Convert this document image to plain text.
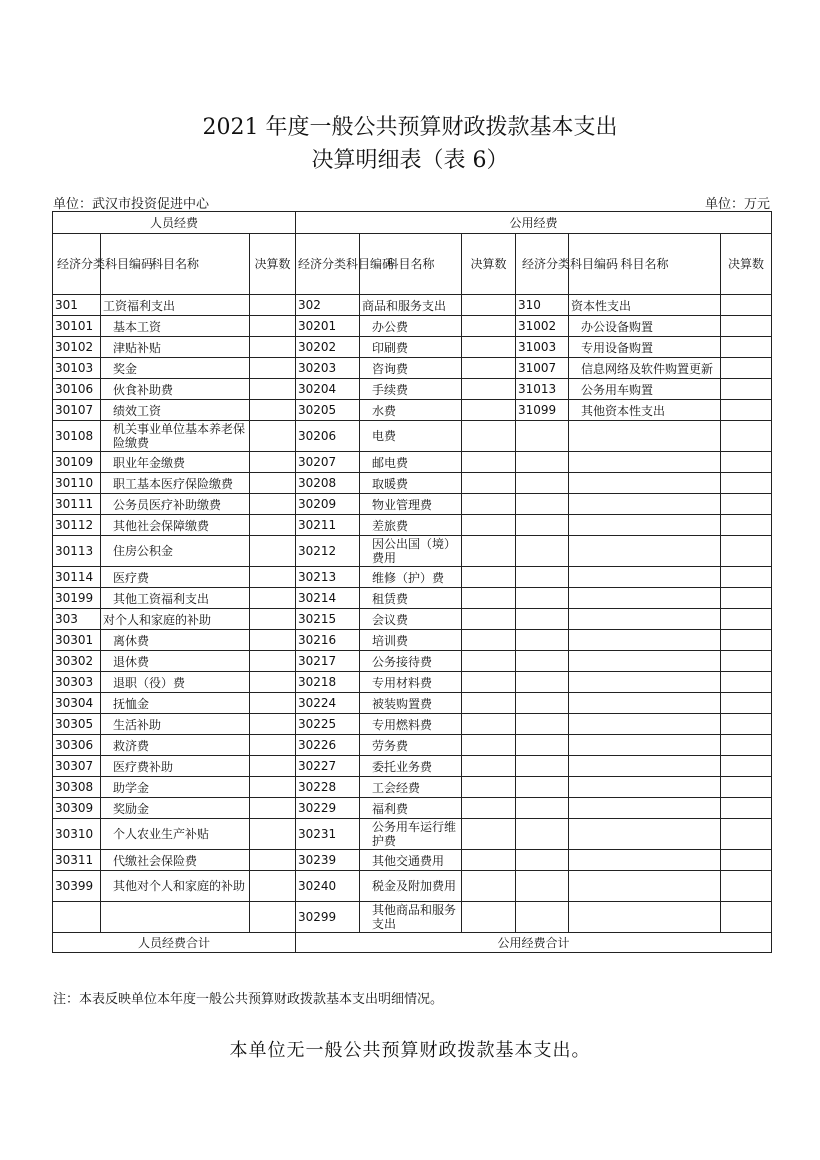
2021 年度一般公共预算财政拨款基本支出
决算明细表（表 6）
单位：武汉市投资促进中心	单位：万元
人员经费			公用经费					
经济分类科目编码	科目名称	决算数	经济分类科目编码	科目名称	决算数	经济分类科目编码	科目名称	决算数
301	工资福利支出		302	商品和服务支出		310	资本性支出	
30101	基本工资		30201	办公费		31002	办公设备购置	
30102	津贴补贴		30202	印刷费		31003	专用设备购置	
30103	奖金		30203	咨询费		31007	信息网络及软件购置更新	
30106	伙食补助费		30204	手续费		31013	公务用车购置	
30107	绩效工资		30205	水费		31099	其他资本性支出	
30108	机关事业单位基本养老保险缴费		30206	电费				
30109	职业年金缴费		30207	邮电费				
30110	职工基本医疗保险缴费		30208	取暖费				
30111	公务员医疗补助缴费		30209	物业管理费				
30112	其他社会保障缴费		30211	差旅费				
30113	住房公积金		30212	因公出国（境）费用				
30114	医疗费		30213	维修（护）费				
30199	其他工资福利支出		30214	租赁费				
303	对个人和家庭的补助		30215	会议费				
30301	离休费		30216	培训费				
30302	退休费		30217	公务接待费				
30303	退职（役）费		30218	专用材料费				
30304	抚恤金		30224	被装购置费				
30305	生活补助		30225	专用燃料费				
30306	救济费		30226	劳务费				
30307	医疗费补助		30227	委托业务费				
30308	助学金		30228	工会经费				
30309	奖励金		30229	福利费				
30310	个人农业生产补贴		30231	公务用车运行维护费				
30311	代缴社会保险费		30239	其他交通费用				
30399	其他对个人和家庭的补助		30240	税金及附加费用				
			30299	其他商品和服务支出				
人员经费合计			公用经费合计					
注：本表反映单位本年度一般公共预算财政拨款基本支出明细情况。
本单位无一般公共预算财政拨款基本支出。
